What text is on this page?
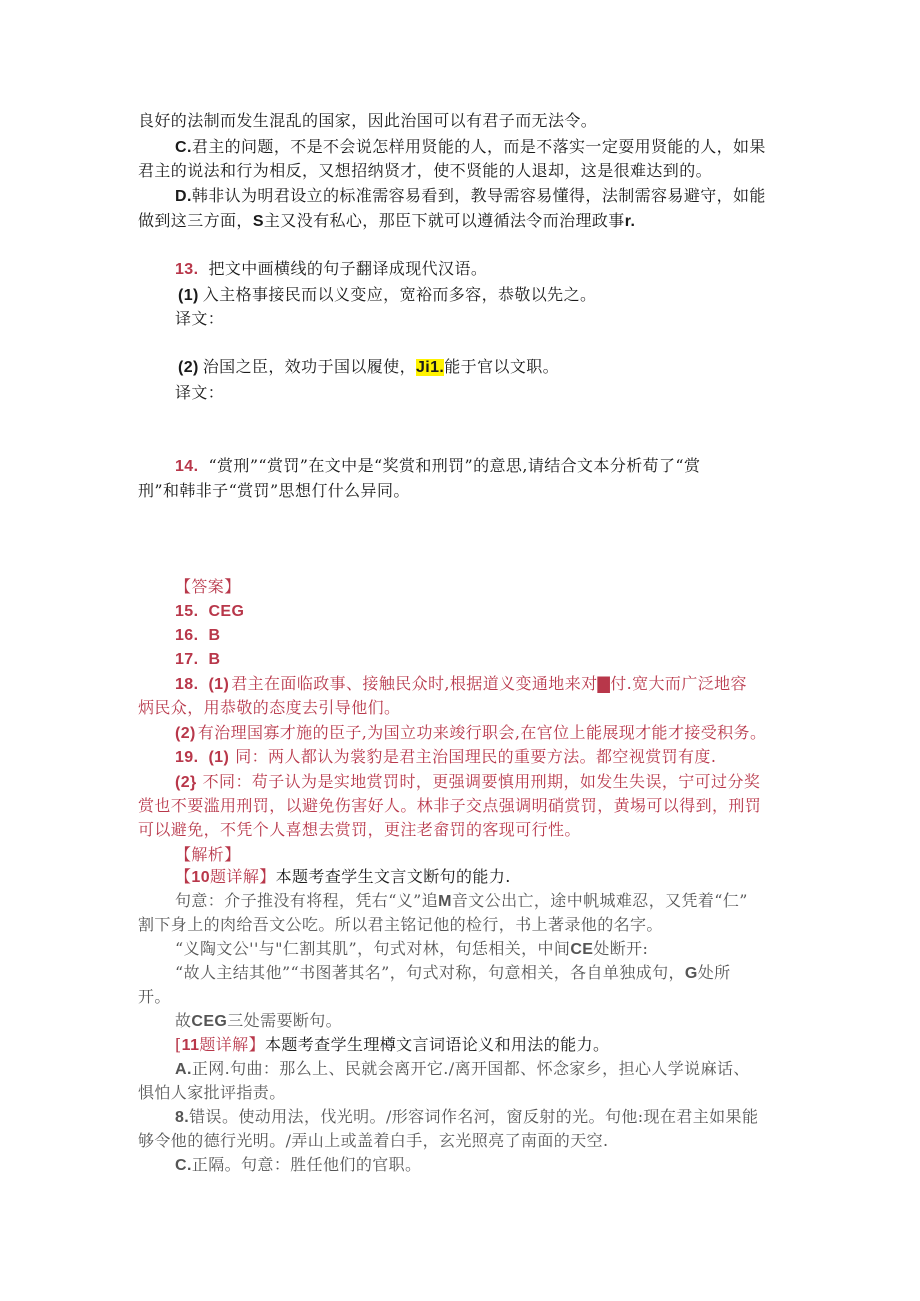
良好的法制而发生混乱的国家，因此治国可以有君子而无法令。
C.君主的问题，不是不会说怎样用贤能的人，而是不落实一定耍用贤能的人，如果
君主的说法和行为相反，又想招纳贤才，使不贤能的人退却，这是很难达到的。
D.韩非认为明君设立的标准需容易看到，教导需容易懂得，法制需容易避守，如能
做到这三方面，S主又没有私心，那臣下就可以遵循法令而治理政事r.
13. 把文中画横线的句子翻译成现代汉语。
(1) 入主格事接民而以义变应，宽裕而多容，恭敬以先之。
译文：
(2) 治国之臣，效功于国以履使，Ji1.能于官以文职。
译文：
14. “赏刑”“赏罚”在文中是“奖赏和刑罚”的意思,请结合文本分析荀了“赏
刑”和韩非子“赏罚”思想仃什么异同。
【答案】
15. CEG
16. B
17. B
18. (1) 君主在面临政事、接触民众时,根据道义变通地来对▇付.宽大而广泛地容
炳民众，用恭敬的态度去引导他们。
(2) 有治理国寡才施的臣子,为国立功来竣行职会,在官位上能展现才能才接受积务。
19. (1) 同：两人都认为裳豹是君主治国理民的重要方法。都空视赏罚有度.
(2} 不同：苟子认为是实地赏罚时，更强调要慎用刑期，如发生失误，宁可过分奖
赏也不要滥用刑罚，以避免伤害好人。林非子交点强调明硝赏罚，黄埸可以得到，刑罚
可以避免，不凭个人喜想去赏罚，更注老畲罚的客现可行性。
【解析】
【10题详解】本题考查学生文言文断句的能力.
句意：介子推没有将程，凭右“义”追M音文公出亡，途中帆城难忍，又凭着“仁”
割下身上的肉给吾文公吃。所以君主铭记他的检行，书上著录他的名字。
“义陶文公''与"仁割其肌”，句式对林，句恁相关，中间CE处断开:
“故人主结其他”“书图著其名”，句式对称，句意相关，各自单独成句，G处所
开。
故CEG三处需要断句。
[11题详解】本题考查学生理樽文言词语论义和用法的能力。
A.正网.句曲：那么上、民就会离开它./离开国都、怀念家乡，担心人学说麻话、
惧怕人家批评指责。
8.错误。使动用法，伐光明。/形容词作名河，窗反射的光。句他:现在君主如果能
够令他的德行光明。/弄山上或盖着白手，玄光照亮了南面的天空.
C.正隔。句意：胜任他们的官职。
